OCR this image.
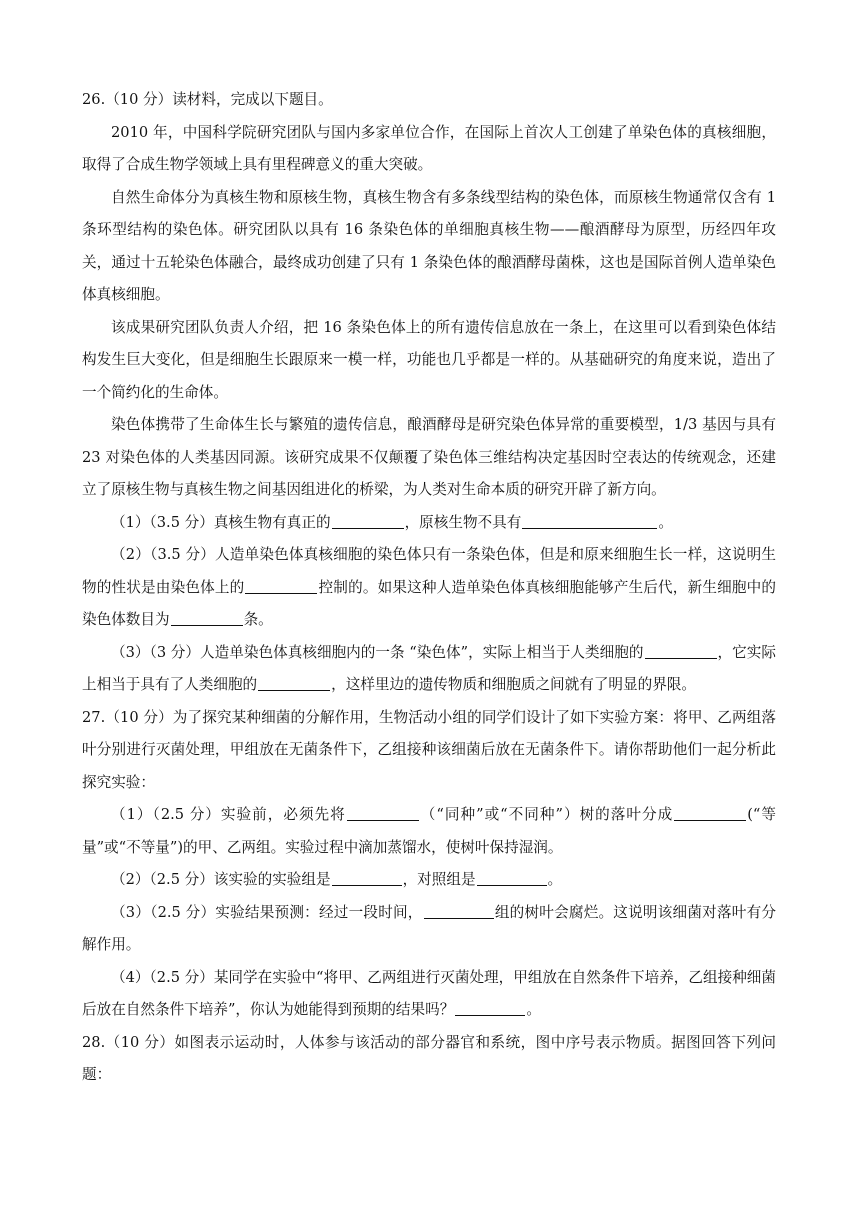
26.（10 分）读材料，完成以下题目。

2010 年，中国科学院研究团队与国内多家单位合作，在国际上首次人工创建了单染色体的真核细胞，取得了合成生物学领域上具有里程碑意义的重大突破。

自然生命体分为真核生物和原核生物，真核生物含有多条线型结构的染色体，而原核生物通常仅含有 1 条环型结构的染色体。研究团队以具有 16 条染色体的单细胞真核生物——酿酒酵母为原型，历经四年攻关，通过十五轮染色体融合，最终成功创建了只有 1 条染色体的酿酒酵母菌株，这也是国际首例人造单染色体真核细胞。

该成果研究团队负责人介绍，把 16 条染色体上的所有遗传信息放在一条上，在这里可以看到染色体结构发生巨大变化，但是细胞生长跟原来一模一样，功能也几乎都是一样的。从基础研究的角度来说，造出了一个简约化的生命体。

染色体携带了生命体生长与繁殖的遗传信息，酿酒酵母是研究染色体异常的重要模型，1/3 基因与具有 23 对染色体的人类基因同源。该研究成果不仅颠覆了染色体三维结构决定基因时空表达的传统观念，还建立了原核生物与真核生物之间基因组进化的桥梁，为人类对生命本质的研究开辟了新方向。

（1）（3.5 分）真核生物有真正的	，原核生物不具有	。

（2）（3.5 分）人造单染色体真核细胞的染色体只有一条染色体，但是和原来细胞生长一样，这说明生物的性状是由染色体上的	控制的。如果这种人造单染色体真核细胞能够产生后代，新生细胞中的染色体数目为	条。

（3）（3 分）人造单染色体真核细胞内的一条 “染色体”，实际上相当于人类细胞的	，它实际上相当于具有了人类细胞的	，这样里边的遗传物质和细胞质之间就有了明显的界限。

27.（10 分）为了探究某种细菌的分解作用，生物活动小组的同学们设计了如下实验方案：将甲、乙两组落叶分别进行灭菌处理，甲组放在无菌条件下，乙组接种该细菌后放在无菌条件下。请你帮助他们一起分析此探究实验：

（1）（2.5 分）实验前，必须先将	（“同种”或“不同种”）树的落叶分成	(“等量”或“不等量”)的甲、乙两组。实验过程中滴加蒸馏水，使树叶保持湿润。

（2）（2.5 分）该实验的实验组是	，对照组是	。

（3）（2.5 分）实验结果预测：经过一段时间，	组的树叶会腐烂。这说明该细菌对落叶有分解作用。

（4）（2.5 分）某同学在实验中“将甲、乙两组进行灭菌处理，甲组放在自然条件下培养，乙组接种细菌后放在自然条件下培养”，你认为她能得到预期的结果吗？	。

28.（10 分）如图表示运动时，人体参与该活动的部分器官和系统，图中序号表示物质。据图回答下列问题：
